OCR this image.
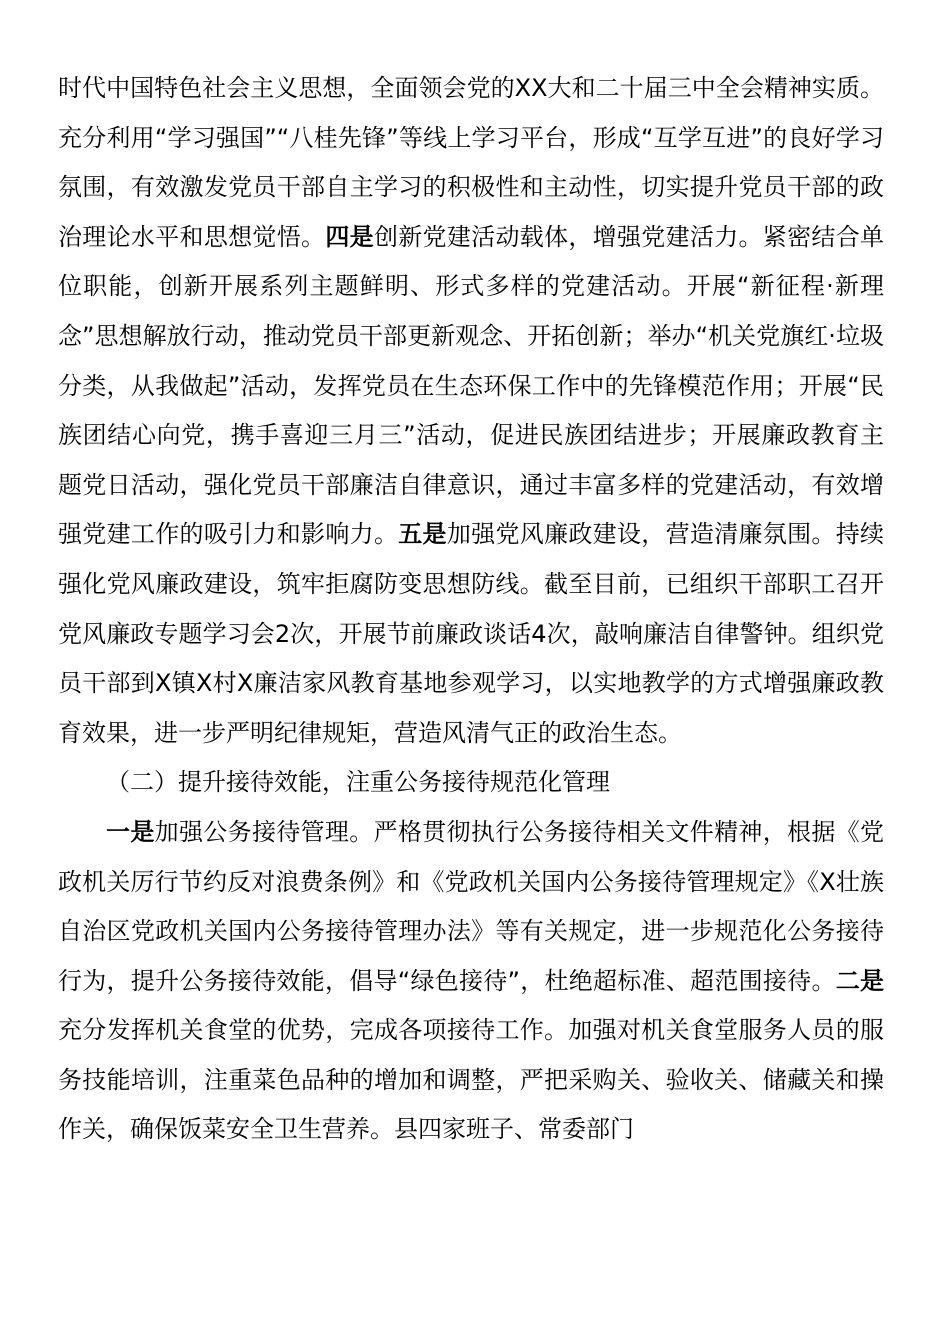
时代中国特色社会主义思想，全面领会党的XX大和二十届三中全会精神实质。充分利用“学习强国”“八桂先锋”等线上学习平台，形成“互学互进”的良好学习氛围，有效激发党员干部自主学习的积极性和主动性，切实提升党员干部的政治理论水平和思想觉悟。四是创新党建活动载体，增强党建活力。紧密结合单位职能，创新开展系列主题鲜明、形式多样的党建活动。开展“新征程·新理念”思想解放行动，推动党员干部更新观念、开拓创新；举办“机关党旗红·垃圾分类，从我做起”活动，发挥党员在生态环保工作中的先锋模范作用；开展“民族团结心向党，携手喜迎三月三”活动，促进民族团结进步；开展廉政教育主题党日活动，强化党员干部廉洁自律意识，通过丰富多样的党建活动，有效增强党建工作的吸引力和影响力。五是加强党风廉政建设，营造清廉氛围。持续强化党风廉政建设，筑牢拒腐防变思想防线。截至目前，已组织干部职工召开党风廉政专题学习会2次，开展节前廉政谈话4次，敲响廉洁自律警钟。组织党员干部到X镇X村X廉洁家风教育基地参观学习，以实地教学的方式增强廉政教育效果，进一步严明纪律规矩，营造风清气正的政治生态。

（二）提升接待效能，注重公务接待规范化管理

一是加强公务接待管理。严格贯彻执行公务接待相关文件精神，根据《党政机关厉行节约反对浪费条例》和《党政机关国内公务接待管理规定》《X壮族自治区党政机关国内公务接待管理办法》等有关规定，进一步规范化公务接待行为，提升公务接待效能，倡导“绿色接待”，杜绝超标准、超范围接待。二是充分发挥机关食堂的优势，完成各项接待工作。加强对机关食堂服务人员的服务技能培训，注重菜色品种的增加和调整，严把采购关、验收关、储藏关和操作关，确保饭菜安全卫生营养。县四家班子、常委部门
